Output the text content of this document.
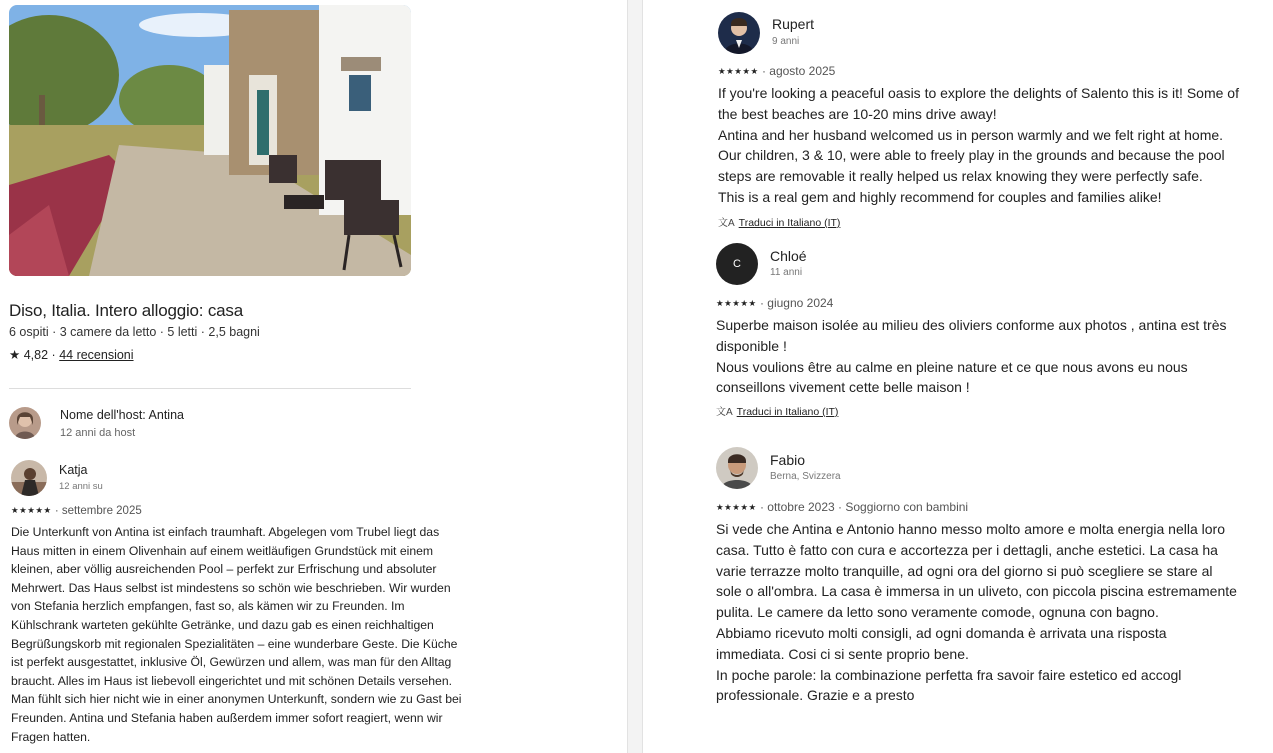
Diso, Italia. Intero alloggio: casa
6 ospiti · 3 camere da letto · 5 letti · 2,5 bagni
★ 4,82 · 44 recensioni
Nome dell'host: Antina
12 anni da host
Katja
12 anni su
★★★★★ · settembre 2025

Die Unterkunft von Antina ist einfach traumhaft. Abgelegen vom Trubel liegt das

Haus mitten in einem Olivenhain auf einem weitläufigen Grundstück mit einem

kleinen, aber völlig ausreichenden Pool – perfekt zur Erfrischung und absoluter

Mehrwert. Das Haus selbst ist mindestens so schön wie beschrieben. Wir wurden

von Stefania herzlich empfangen, fast so, als kämen wir zu Freunden. Im

Kühlschrank warteten gekühlte Getränke, und dazu gab es einen reichhaltigen

Begrüßungskorb mit regionalen Spezialitäten – eine wunderbare Geste. Die Küche

ist perfekt ausgestattet, inklusive Öl, Gewürzen und allem, was man für den Alltag

braucht. Alles im Haus ist liebevoll eingerichtet und mit schönen Details versehen.

Man fühlt sich hier nicht wie in einer anonymen Unterkunft, sondern wie zu Gast bei

Freunden. Antina und Stefania haben außerdem immer sofort reagiert, wenn wir

Fragen hatten.

Rupert
9 anni
★★★★★ · agosto 2025

If you're looking a peaceful oasis to explore the delights of Salento this is it! Some of

the best beaches are 10-20 mins drive away!

Antina and her husband welcomed us in person warmly and we felt right at home.

Our children, 3 & 10, were able to freely play in the grounds and because the pool

steps are removable it really helped us relax knowing they were perfectly safe.

This is a real gem and highly recommend for couples and families alike!

文A Traduci in Italiano (IT)
C Chloé
11 anni
★★★★★ · giugno 2024

Superbe maison isolée au milieu des oliviers conforme aux photos , antina est très

disponible !

Nous voulions être au calme en pleine nature et ce que nous avons eu nous

conseillons vivement cette belle maison !

文A Traduci in Italiano (IT)
Fabio
Berna, Svizzera
★★★★★ · ottobre 2023 · Soggiorno con bambini

Si vede che Antina e Antonio hanno messo molto amore e molta energia nella loro

casa. Tutto è fatto con cura e accortezza per i dettagli, anche estetici. La casa ha

varie terrazze molto tranquille, ad ogni ora del giorno si può scegliere se stare al

sole o all'ombra. La casa è immersa in un uliveto, con piccola piscina estremamente

pulita. Le camere da letto sono veramente comode, ognuna con bagno.

Abbiamo ricevuto molti consigli, ad ogni domanda è arrivata una risposta

immediata. Cosi ci si sente proprio bene.

In poche parole: la combinazione perfetta fra savoir faire estetico ed accogl

professionale. Grazie e a presto
